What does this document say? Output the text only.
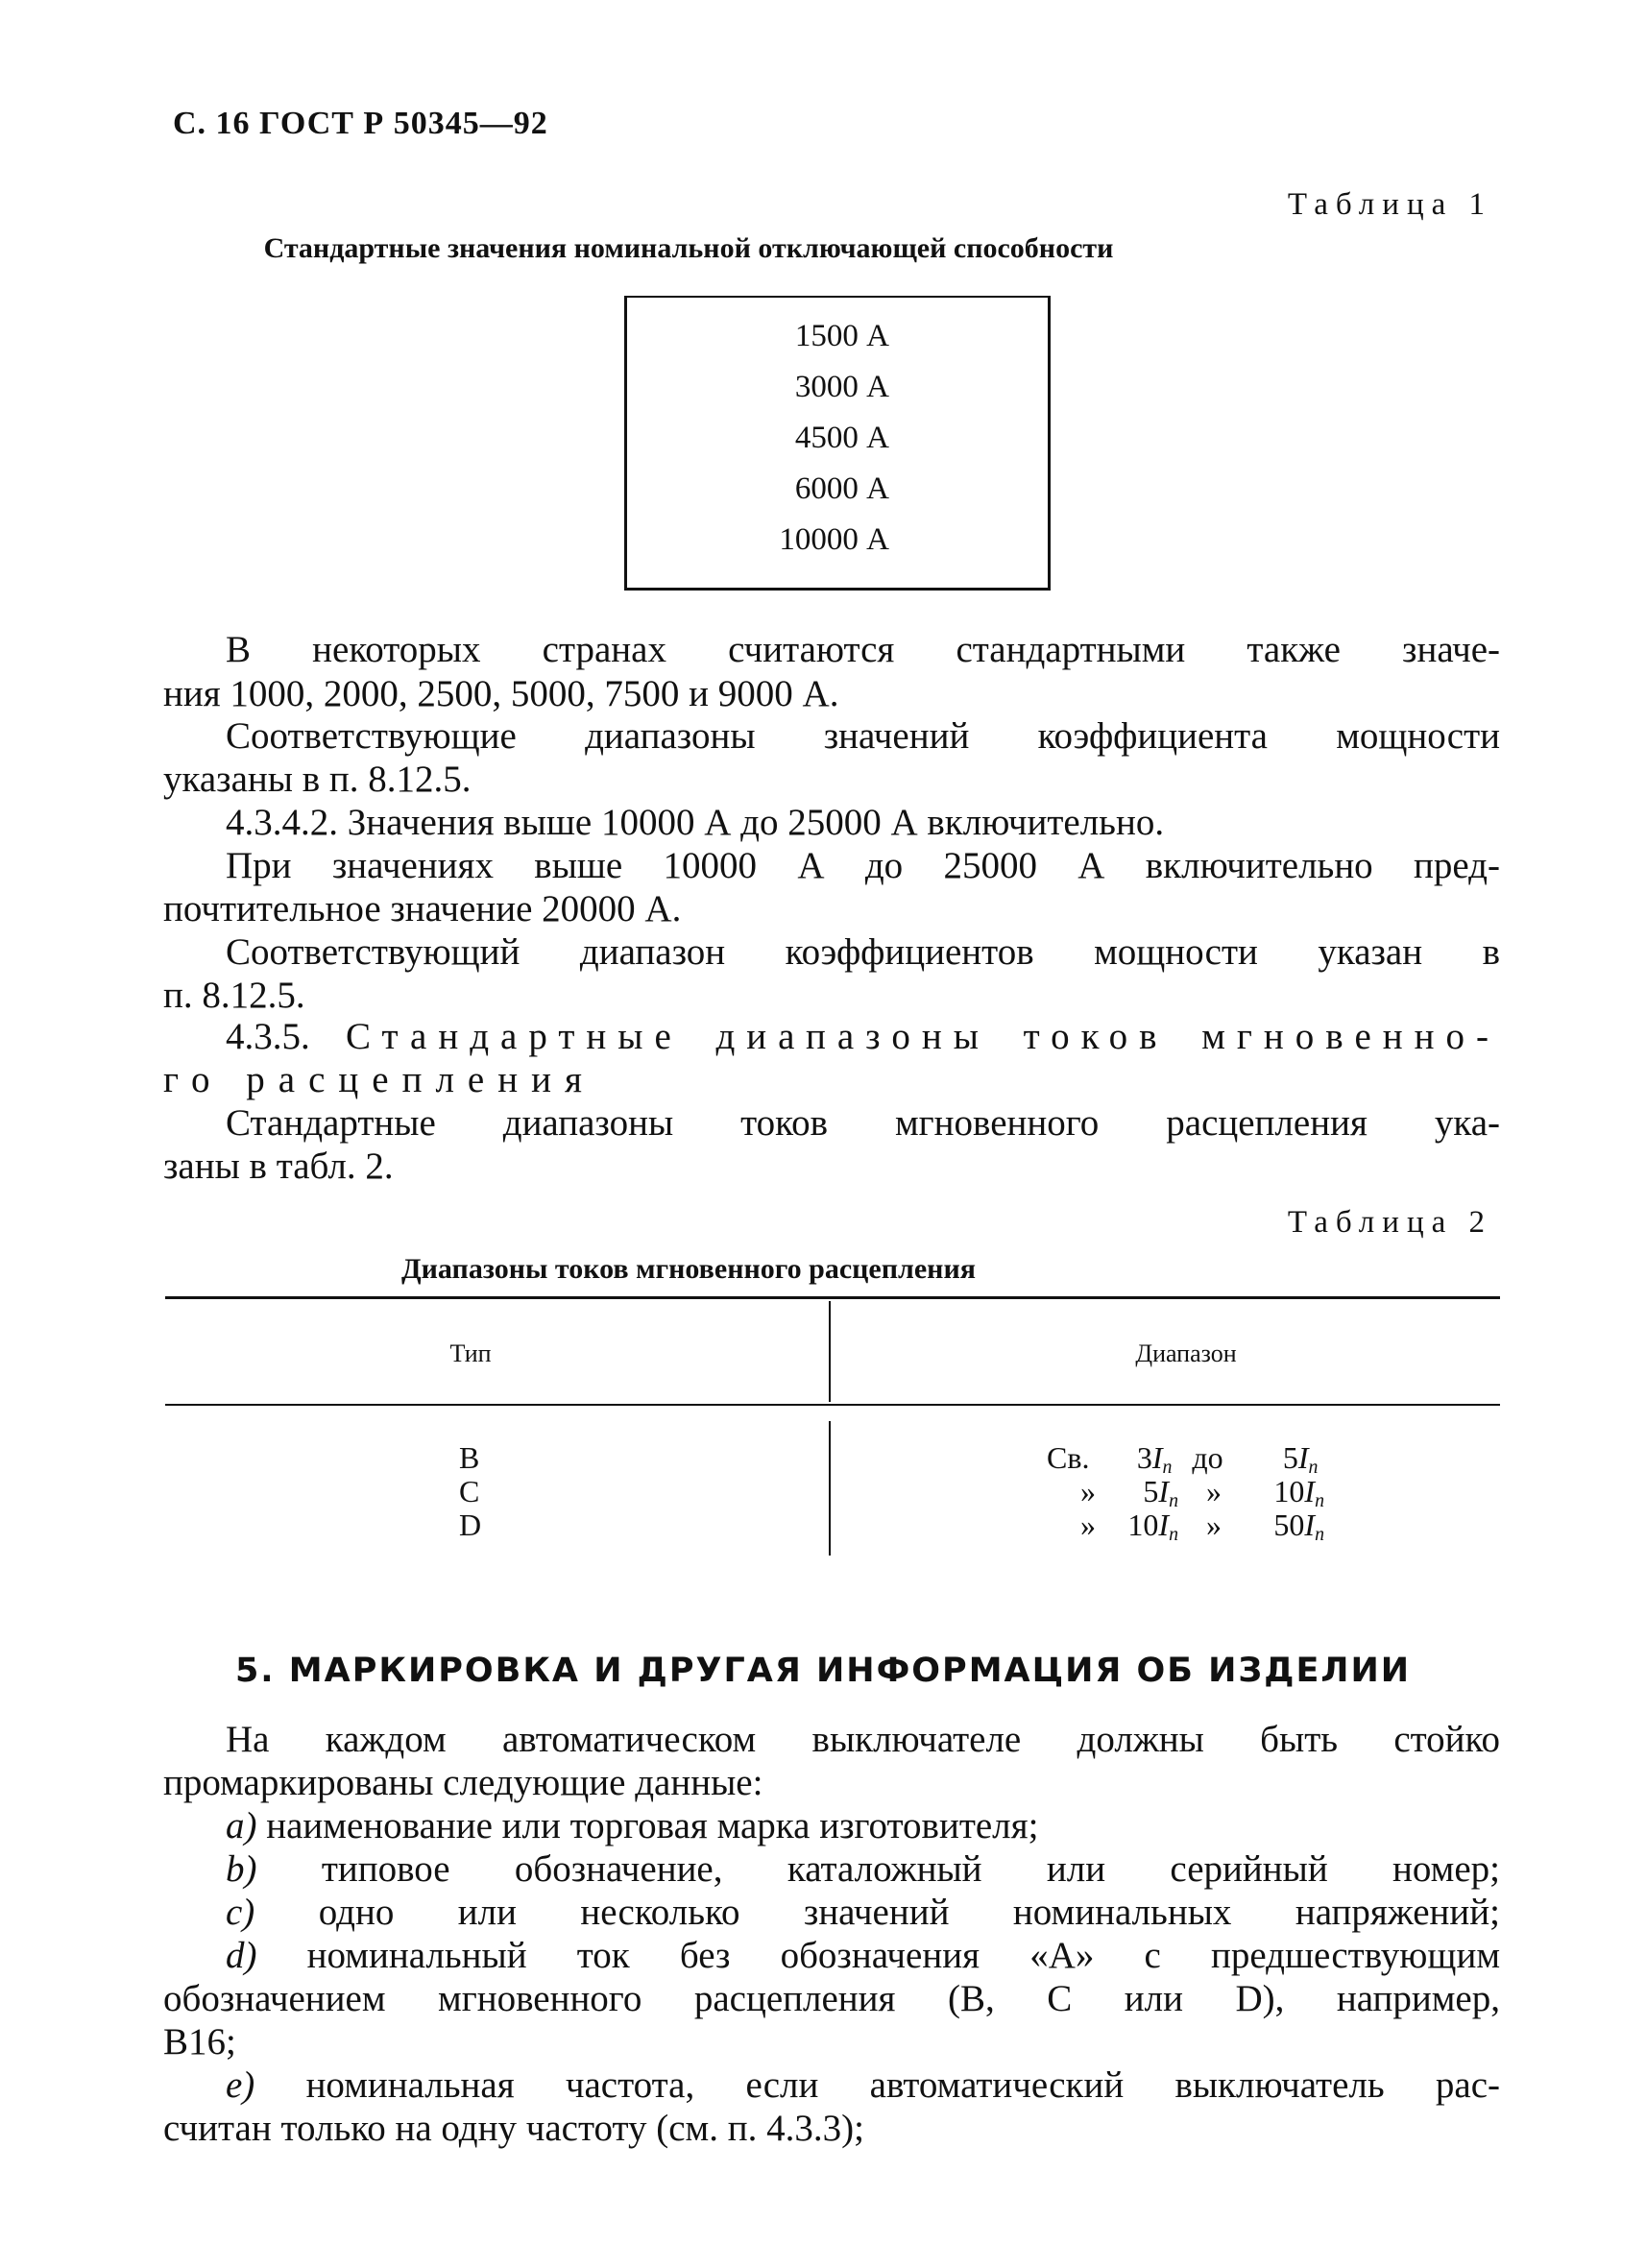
С. 16 ГОСТ Р 50345—92
Таблица 1
Стандартные значения номинальной отключающей способности
1500 А
3000 А
4500 А
6000 А
10000 А
В некоторых странах считаются стандартными также значе-
ния 1000, 2000, 2500, 5000, 7500 и 9000 А.
Соответствующие диапазоны значений коэффициента мощности
указаны в п. 8.12.5.
4.3.4.2. Значения выше 10000 А до 25000 А включительно.
При значениях выше 10000 А до 25000 А включительно пред-
почтительное значение 20000 А.
Соответствующий диапазон коэффициентов мощности указан в
п. 8.12.5.
4.3.5. Стандартные диапазоны токов мгновенно-
го расцепления
Стандартные диапазоны токов мгновенного расцепления ука-
заны в табл. 2.
Таблица 2
Диапазоны токов мгновенного расцепления
Тип	Диапазон
B
C
D
Св. $3I_n$ до $5I_n$
» $5I_n$ » $10I_n$
» $10I_n$ » $50I_n$
5. МАРКИРОВКА И ДРУГАЯ ИНФОРМАЦИЯ ОБ ИЗДЕЛИИ
На каждом автоматическом выключателе должны быть стойко
промаркированы следующие данные:
a) наименование или торговая марка изготовителя;
b) типовое обозначение, каталожный или серийный номер;
c) одно или несколько значений номинальных напряжений;
d) номинальный ток без обозначения «А» с предшествующим
обозначением мгновенного расцепления (B, C или D), например,
B16;
e) номинальная частота, если автоматический выключатель рас-
считан только на одну частоту (см. п. 4.3.3);
